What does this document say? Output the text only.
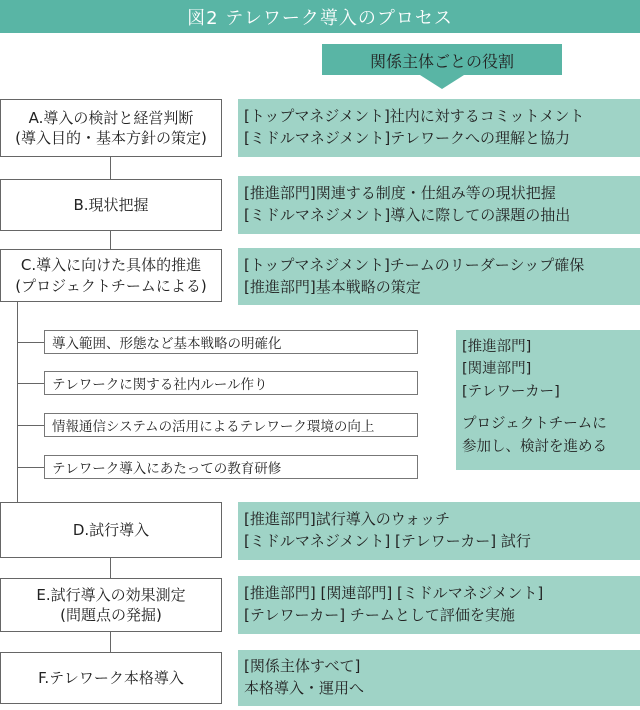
図2 テレワーク導入のプロセス
関係主体ごとの役割
A.導入の検討と経営判断
(導入目的・基本方針の策定)
[トップマネジメント]社内に対するコミットメント
[ミドルマネジメント]テレワークへの理解と協力
B.現状把握
[推進部門]関連する制度・仕組み等の現状把握
[ミドルマネジメント]導入に際しての課題の抽出
C.導入に向けた具体的推進
(プロジェクトチームによる)
[トップマネジメント]チームのリーダーシップ確保
[推進部門]基本戦略の策定
導入範囲、形態など基本戦略の明確化
テレワークに関する社内ルール作り
情報通信システムの活用によるテレワーク環境の向上
テレワーク導入にあたっての教育研修
[推進部門]
[関連部門]
[テレワーカー]
プロジェクトチームに
参加し、検討を進める
D.試行導入
[推進部門]試行導入のウォッチ
[ミドルマネジメント] [テレワーカー] 試行
E.試行導入の効果測定
(問題点の発掘)
[推進部門] [関連部門] [ミドルマネジメント]
[テレワーカー] チームとして評価を実施
F.テレワーク本格導入
[関係主体すべて]
本格導入・運用へ
